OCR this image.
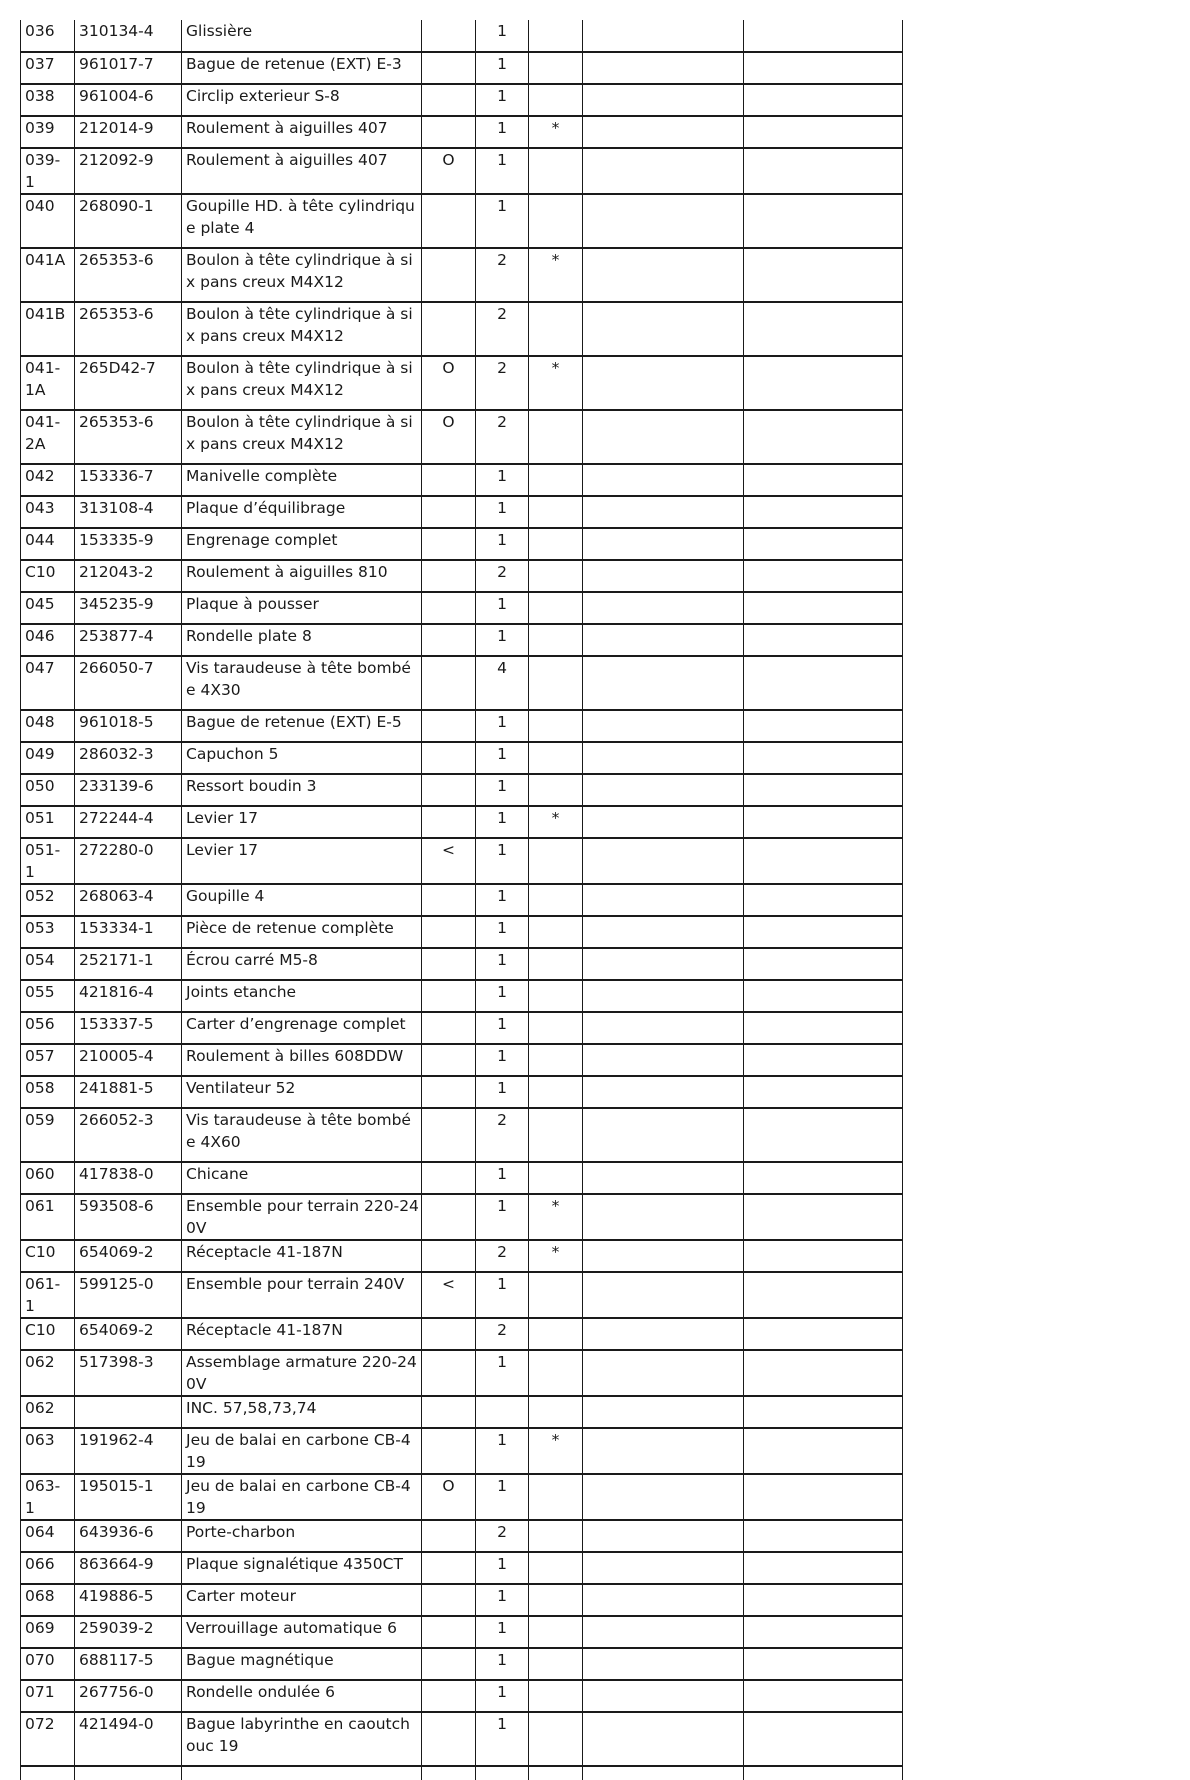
036	310134-4	Glissière		1			
037	961017-7	Bague de retenue (EXT) E-3		1			
038	961004-6	Circlip exterieur S-8		1			
039	212014-9	Roulement à aiguilles 407		1	*		
039-1	212092-9	Roulement à aiguilles 407	O	1			
040	268090-1	Goupille HD. à tête cylindrique plate 4		1			
041A	265353-6	Boulon à tête cylindrique à six pans creux M4X12		2	*		
041B	265353-6	Boulon à tête cylindrique à six pans creux M4X12		2			
041-1A	265D42-7	Boulon à tête cylindrique à six pans creux M4X12	O	2	*		
041-2A	265353-6	Boulon à tête cylindrique à six pans creux M4X12	O	2			
042	153336-7	Manivelle complète		1			
043	313108-4	Plaque d’équilibrage		1			
044	153335-9	Engrenage complet		1			
C10	212043-2	Roulement à aiguilles 810		2			
045	345235-9	Plaque à pousser		1			
046	253877-4	Rondelle plate 8		1			
047	266050-7	Vis taraudeuse à tête bombée 4X30		4			
048	961018-5	Bague de retenue (EXT) E-5		1			
049	286032-3	Capuchon 5		1			
050	233139-6	Ressort boudin 3		1			
051	272244-4	Levier 17		1	*		
051-1	272280-0	Levier 17	<	1			
052	268063-4	Goupille 4		1			
053	153334-1	Pièce de retenue complète		1			
054	252171-1	Écrou carré M5-8		1			
055	421816-4	Joints etanche		1			
056	153337-5	Carter d’engrenage complet		1			
057	210005-4	Roulement à billes 608DDW		1			
058	241881-5	Ventilateur 52		1			
059	266052-3	Vis taraudeuse à tête bombée 4X60		2			
060	417838-0	Chicane		1			
061	593508-6	Ensemble pour terrain 220-240V		1	*		
C10	654069-2	Réceptacle 41-187N		2	*		
061-1	599125-0	Ensemble pour terrain 240V	<	1			
C10	654069-2	Réceptacle 41-187N		2			
062	517398-3	Assemblage armature 220-240V		1			
062		INC. 57,58,73,74					
063	191962-4	Jeu de balai en carbone CB-419		1	*		
063-1	195015-1	Jeu de balai en carbone CB-419	O	1			
064	643936-6	Porte-charbon		2			
066	863664-9	Plaque signalétique 4350CT		1			
068	419886-5	Carter moteur		1			
069	259039-2	Verrouillage automatique 6		1			
070	688117-5	Bague magnétique		1			
071	267756-0	Rondelle ondulée 6		1			
072	421494-0	Bague labyrinthe en caoutchouc 19		1			
